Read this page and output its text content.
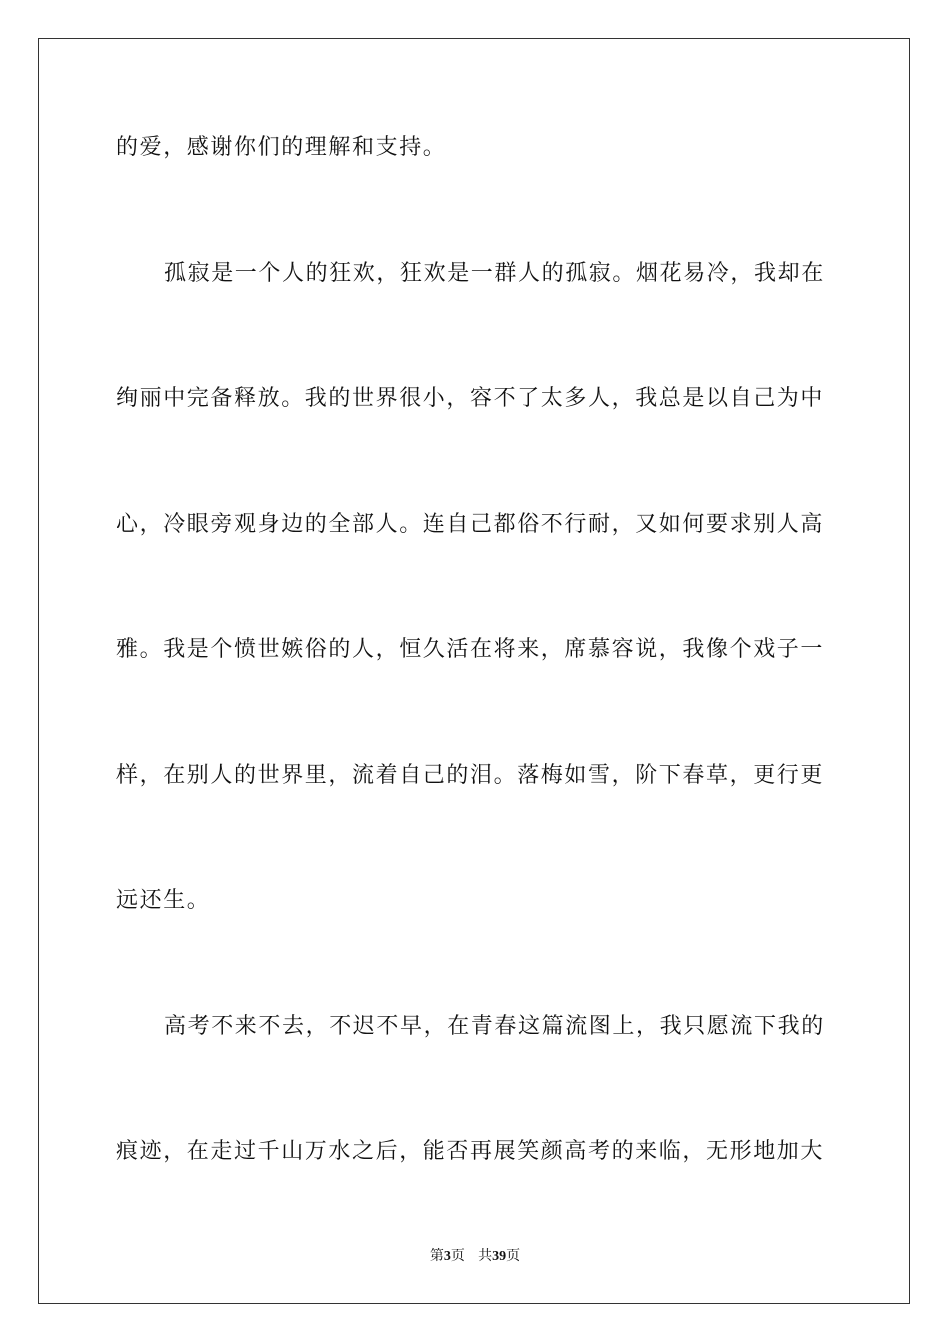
的爱，感谢你们的理解和支持。
孤寂是一个人的狂欢，狂欢是一群人的孤寂。烟花易冷，我却在
绚丽中完备释放。我的世界很小，容不了太多人，我总是以自己为中
心，冷眼旁观身边的全部人。连自己都俗不行耐，又如何要求别人高
雅。我是个愤世嫉俗的人，恒久活在将来，席慕容说，我像个戏子一
样，在别人的世界里，流着自己的泪。落梅如雪，阶下春草，更行更
远还生。
高考不来不去，不迟不早，在青春这篇流图上，我只愿流下我的
痕迹，在走过千山万水之后，能否再展笑颜高考的来临，无形地加大
第3页 共39页
